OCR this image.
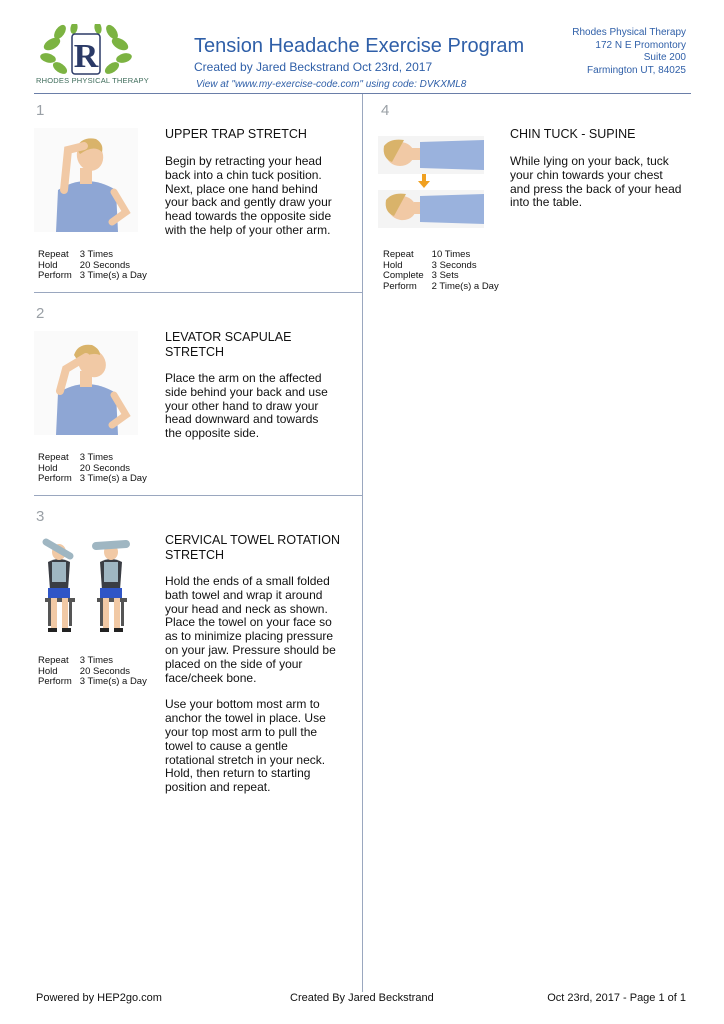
R
RHODES PHYSICAL THERAPY
Tension Headache Exercise Program
Created by Jared Beckstrand Oct 23rd, 2017
View at "www.my-exercise-code.com" using code: DVKXML8
Rhodes Physical Therapy
172 N E Promontory
Suite 200
Farmington UT, 84025
1
UPPER TRAP STRETCH

Begin by retracting your head back into a chin tuck position. Next, place one hand behind your back and gently draw your head towards the opposite side with the help of your other arm.

Repeat	3 Times
Hold	20 Seconds
Perform	3 Time(s) a Day
2
LEVATOR SCAPULAE STRETCH

Place the arm on the affected side behind your back and use your other hand to draw your head downward and towards the opposite side.

Repeat	3 Times
Hold	20 Seconds
Perform	3 Time(s) a Day
3
CERVICAL TOWEL ROTATION STRETCH

Hold the ends of a small folded bath towel and wrap it around your head and neck as shown. Place the towel on your face so as to minimize placing pressure on your jaw. Pressure should be placed on the side of your face/cheek bone.

Use your bottom most arm to anchor the towel in place. Use your top most arm to pull the towel to cause a gentle rotational stretch in your neck. Hold, then return to starting position and repeat.

Repeat	3 Times
Hold	20 Seconds
Perform	3 Time(s) a Day
4
CHIN TUCK - SUPINE

While lying on your back, tuck your chin towards your chest and press the back of your head into the table.

Repeat	10 Times
Hold	3 Seconds
Complete	3 Sets
Perform	2 Time(s) a Day
Powered by HEP2go.com	Created By Jared Beckstrand	Oct 23rd, 2017 - Page 1 of 1
